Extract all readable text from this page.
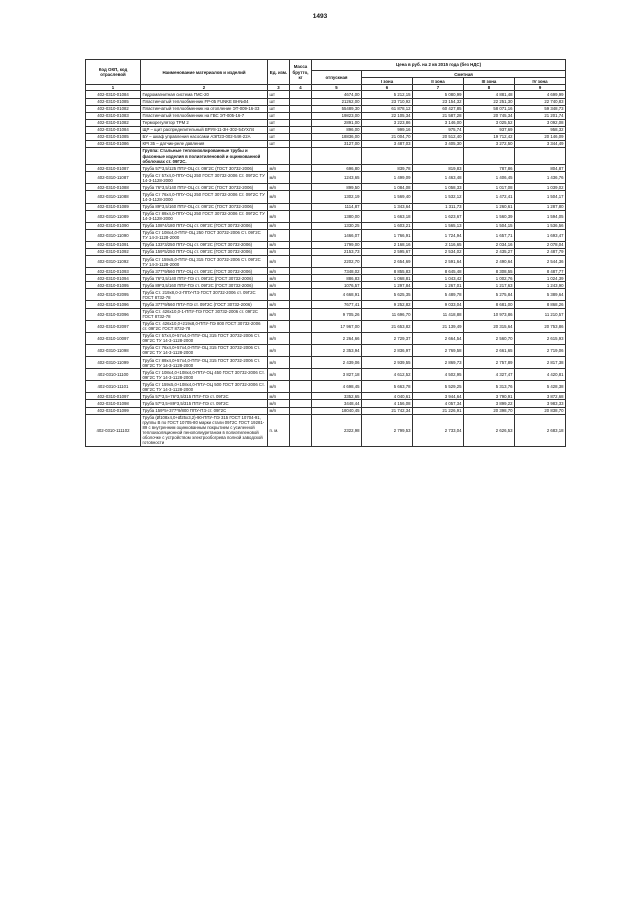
1493
Код ОКП, код отраслевой	Наименование материалов и изделий	Ед. изм.	Масса брутто, кг	Цена в руб. на 2 кв 2015 года (без НДС)				
				отпускная	Сметная			
					I зона	II зона	III зона	IV зона
1	2	3	4	5	6	7	8	9
402-0310-01084	Гидромагнитная система ГМС-20	шт		4674,00	5 212,15	5 080,99	4 881,48	4 699,99
402-0310-01085	Пластинчатый теплообменник FP-05 FUNKE ВН№04	шт		21262,00	23 710,92	23 154,32	22 251,30	22 740,83
402-0310-01082	Пластинчатый теплообменник на отопление ЭТ-009-16-33	шт		55489,30	61 878,12	60 427,85	58 071,16	59 348,73
402-0310-01083	Пластинчатый теплообменник на ГВС ЭТ-005-16-7	шт		19823,00	22 105,34	21 587,28	20 745,34	21 201,74
402-0310-01082	Терморегулятор ТРМ 2	шт		2891,00	3 223,86	3 146,00	3 025,52	3 092,08
402-0310-01084	ЩР – щит распределительный ВРУ8-11-3Н-302-54УХЛ4	шт		896,00	999,16	975,74	937,69	958,32
402-0310-01085	БУ – шкаф управления насосами АЭП23-002-54К-22А	шт		18836,00	21 004,70	20 512,40	19 712,42	20 146,09
402-0310-01086	КРІ 35 – датчик-реле давления	шт		3127,00	3 487,03	3 405,30	3 272,50	3 344,49
	Группа: Стальные теплоизолированные трубы и фасонные изделия в полиэтиленовой и оцинкованной оболочках ст. 09Г2С.							
402-0310-01087	Труба 57*3,5/125 ППУ-ОЦ ст. 09Г2С (ГОСТ 30732-2006)	м/п		696,80	839,78	819,83	787,86	804,87
402-0310-11087	Труба Ст 57х4,0-ППУ-ОЦ 250 ГОСТ 30732-2006 Ст. 09Г2С ТУ 14-3-1128-2000	м/п		1243,65	1 499,09	1 463,48	1 406,45	1 436,76
402-0310-01088	Труба 76*3,5/140 ППУ-ОЦ ст. 09Г2С (ГОСТ 30732-2006)	м/п		899,50	1 084,08	1 058,33	1 017,08	1 039,02
402-0310-11088	Труба Ст 76х4,0-ППУ-ОЦ 250 ГОСТ 30732-2006 Ст. 09Г2С ТУ 14-3-1128-2000	м/п		1302,19	1 569,40	1 532,12	1 472,41	1 504,17
402-0310-01089	Труба 89*3,5/160 ППУ-ОЦ ст. 09Г2С (ГОСТ 30732-2006)	м/п		1114,87	1 343,64	1 311,73	1 260,61	1 287,80
402-0310-11089	Труба Ст 89х4,0-ППУ-ОЦ 250 ГОСТ 30732-2006 Ст. 09Г2С ТУ 14-3-1128-2000	м/п		1380,00	1 663,18	1 623,67	1 560,39	1 594,05
402-0310-01090	Труба 108*4/180 ППУ-ОЦ ст. 09Г2С (ГОСТ 30732-2006)	м/п		1330,25	1 603,21	1 565,13	1 504,15	1 536,56
402-0310-11090	Труба Ст 108х4,0-ППУ-ОЦ 250 ГОСТ 30732-2006 Ст. 09Г2С ТУ 14-3-1128-2000	м/п		1466,07	1 766,91	1 724,94	1 657,71	1 693,47
402-0310-01091	Труба 133*3/250 ППУ-ОЦ ст. 09Г2С (ГОСТ 30732-2006)	м/п		1799,00	2 168,16	2 116,65	2 034,16	2 078,04
402-0310-01092	Труба 159*5/250 ППУ-ОЦ ст. 09Г2С (ГОСТ 30732-2006)	м/п		2153,73	2 595,67	2 534,02	2 435,27	2 487,79
402-0310-11092	Труба Ст 159х5,0-ППУ-ОЦ 315 ГОСТ 30732-2006 Ст. 09Г2С ТУ 14-3-1128-2000	м/п		2202,70	2 654,69	2 591,64	2 490,64	2 544,36
402-0310-01093	Труба 377*9/560 ППУ-ОЦ ст. 09Г2С (ГОСТ 30732-2006)	м/п		7348,02	8 855,83	8 645,48	8 308,55	8 487,77
402-0310-01094	Труба 76*3,5/140 ППУ-ПЭ ст. 09Г2С (ГОСТ 30732-2006)	м/п		886,83	1 068,81	1 043,42	1 002,76	1 024,39
402-0310-01095	Труба 89*3,5/160 ППУ-ПЭ ст. 09Г2С (ГОСТ 30732-2006)	м/п		1076,57	1 297,84	1 267,01	1 217,63	1 243,90
402-0310-02095	Труба Ст. 219х8,0-2-ППУ-ПЭ ГОСТ 30732-2006 ст. 09Г2С ГОСТ 8732-78	м/п		4 668,91	5 625,35	5 489,78	5 275,84	5 389,64
402-0310-01096	Труба 377*9/560 ППУ-ПЭ ст. 09Г2С (ГОСТ 30732-2006)	м/п		7677,41	9 252,82	9 033,04	8 681,00	8 868,26
402-0310-02096	Труба Ст. 426х10,0-1-ППУ-ПЭ ГОСТ 30732-2006 ст. 09Г2С ГОСТ 8732-78	м/п		9 705,26	11 696,70	11 418,88	10 973,86	11 210,57
402-0310-02097	Труба Ст. 426х10,0+219х8,0-ППУ-ПЭ 800 ГОСТ 30732-2006 ст. 09Г2С ГОСТ 8732-78	м/п		17 967,00	21 653,82	21 139,49	20 315,64	20 753,86
402-0310-10097	Труба Ст 57х4,0+57х4,0-ППУ-ОЦ 315 ГОСТ 30732-2006 Ст. 09Г2С ТУ 14-3-1128-2000	м/п		2 264,66	2 729,37	2 664,54	2 560,70	2 615,93
402-0310-11098	Труба Ст 76х4,0+57х4,0-ППУ-ОЦ 315 ГОСТ 30732-2006 Ст. 09Г2С ТУ 14-3-1128-2000	м/п		2 353,94	2 836,97	2 769,58	2 661,65	2 719,06
402-0310-11099	Труба Ст 89х4,0+57х4,0-ППУ-ОЦ 315 ГОСТ 30732-2006 Ст. 09Г2С ТУ 14-3-1128-2000	м/п		2 439,06	2 939,55	2 869,73	2 757,89	2 817,38
402-0310-11100	Труба Ст 108х4,0+108х4,0-ППУ-ОЦ 450 ГОСТ 30732-2006 Ст. 09Г2С ТУ 14-3-1128-2000	м/п		3 827,18	4 612,52	4 502,95	4 327,47	4 420,81
402-0310-11101	Труба Ст 159х5,0+108х4,0-ППУ-ОЦ 500 ГОСТ 30732-2006 Ст. 09Г2С ТУ 14-3-1128-2000	м/п		4 698,45	5 663,78	5 529,25	5 313,76	5 428,38
402-0310-01097	Труба 57*3,5+76*3,5/315 ППУ-ПЭ ст. 09Г2С	м/п		3352,65	4 040,61	3 944,64	3 790,91	3 872,68
402-0310-01098	Труба 57*3,5+89*3,5/315 ППУ-ПЭ ст. 09Г2С	м/п		3448,44	4 156,08	4 057,34	3 899,22	3 983,33
402-0310-01099	Труба 159*5+377*9/800 ППУ-ПЭ ст. 09Г2С	м/п		18040,45	21 742,34	21 226,91	20 398,70	20 838,70
402-0310-111102	Труба (Ø108х4,0+Ø25х3,2)-90-ППУ-ПЭ 315 ГОСТ 10704-91, группы В по ГОСТ 10705-80 марки стали 09Г2С ГОСТ 19281-89 с внутренним оцинкованным покрытием с усиленной теплоизоляционной пенополиуретаном в полиэтиленовой оболочке с устройством электрообогрева полной заводской готовности	п. м.		2322,98	2 799,53	2 733,04	2 626,53	2 683,18
